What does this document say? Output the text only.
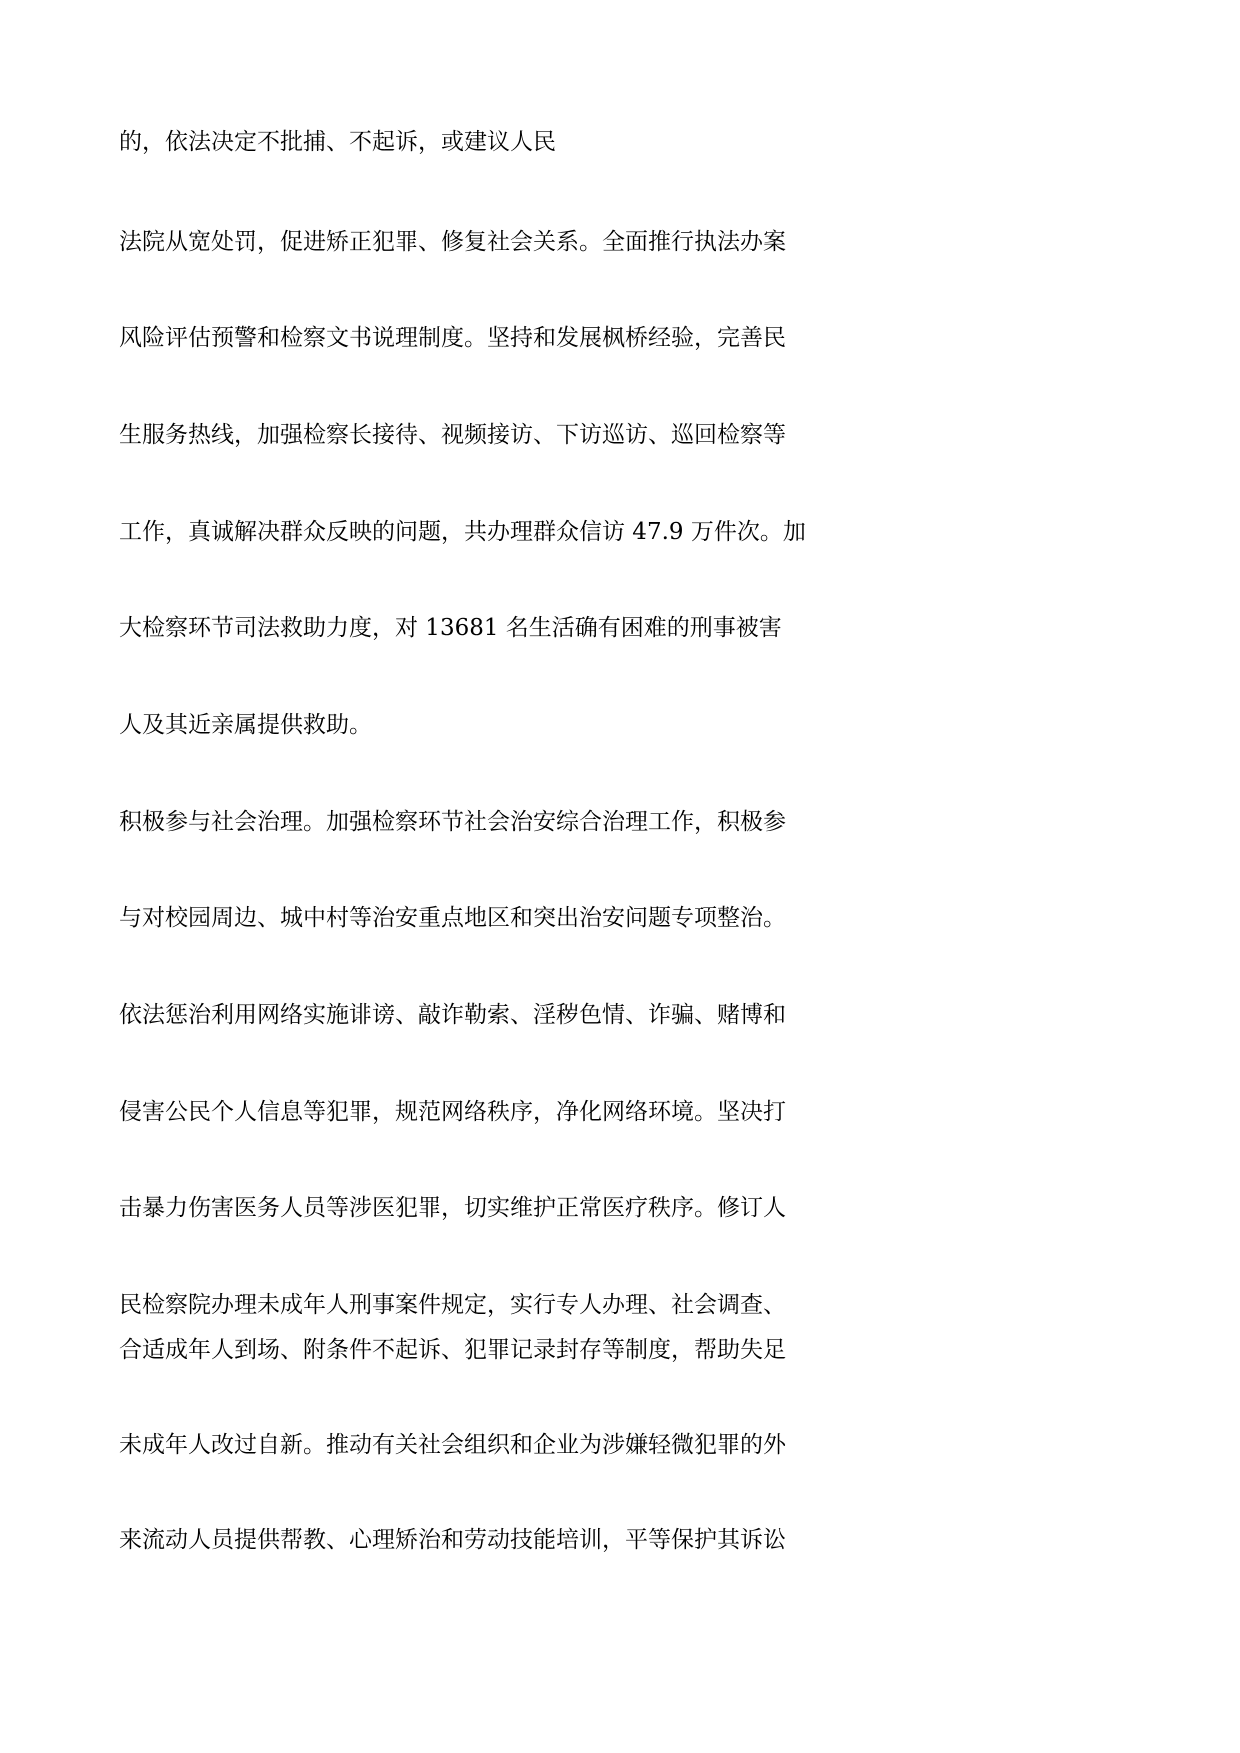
的，依法决定不批捕、不起诉，或建议人民

法院从宽处罚，促进矫正犯罪、修复社会关系。全面推行执法办案

风险评估预警和检察文书说理制度。坚持和发展枫桥经验，完善民

生服务热线，加强检察长接待、视频接访、下访巡访、巡回检察等

工作，真诚解决群众反映的问题，共办理群众信访 47.9 万件次。加

大检察环节司法救助力度，对 13681 名生活确有困难的刑事被害

人及其近亲属提供救助。

积极参与社会治理。加强检察环节社会治安综合治理工作，积极参

与对校园周边、城中村等治安重点地区和突出治安问题专项整治。

依法惩治利用网络实施诽谤、敲诈勒索、淫秽色情、诈骗、赌博和

侵害公民个人信息等犯罪，规范网络秩序，净化网络环境。坚决打

击暴力伤害医务人员等涉医犯罪，切实维护正常医疗秩序。修订人

民检察院办理未成年人刑事案件规定，实行专人办理、社会调查、

合适成年人到场、附条件不起诉、犯罪记录封存等制度，帮助失足

未成年人改过自新。推动有关社会组织和企业为涉嫌轻微犯罪的外

来流动人员提供帮教、心理矫治和劳动技能培训，平等保护其诉讼
